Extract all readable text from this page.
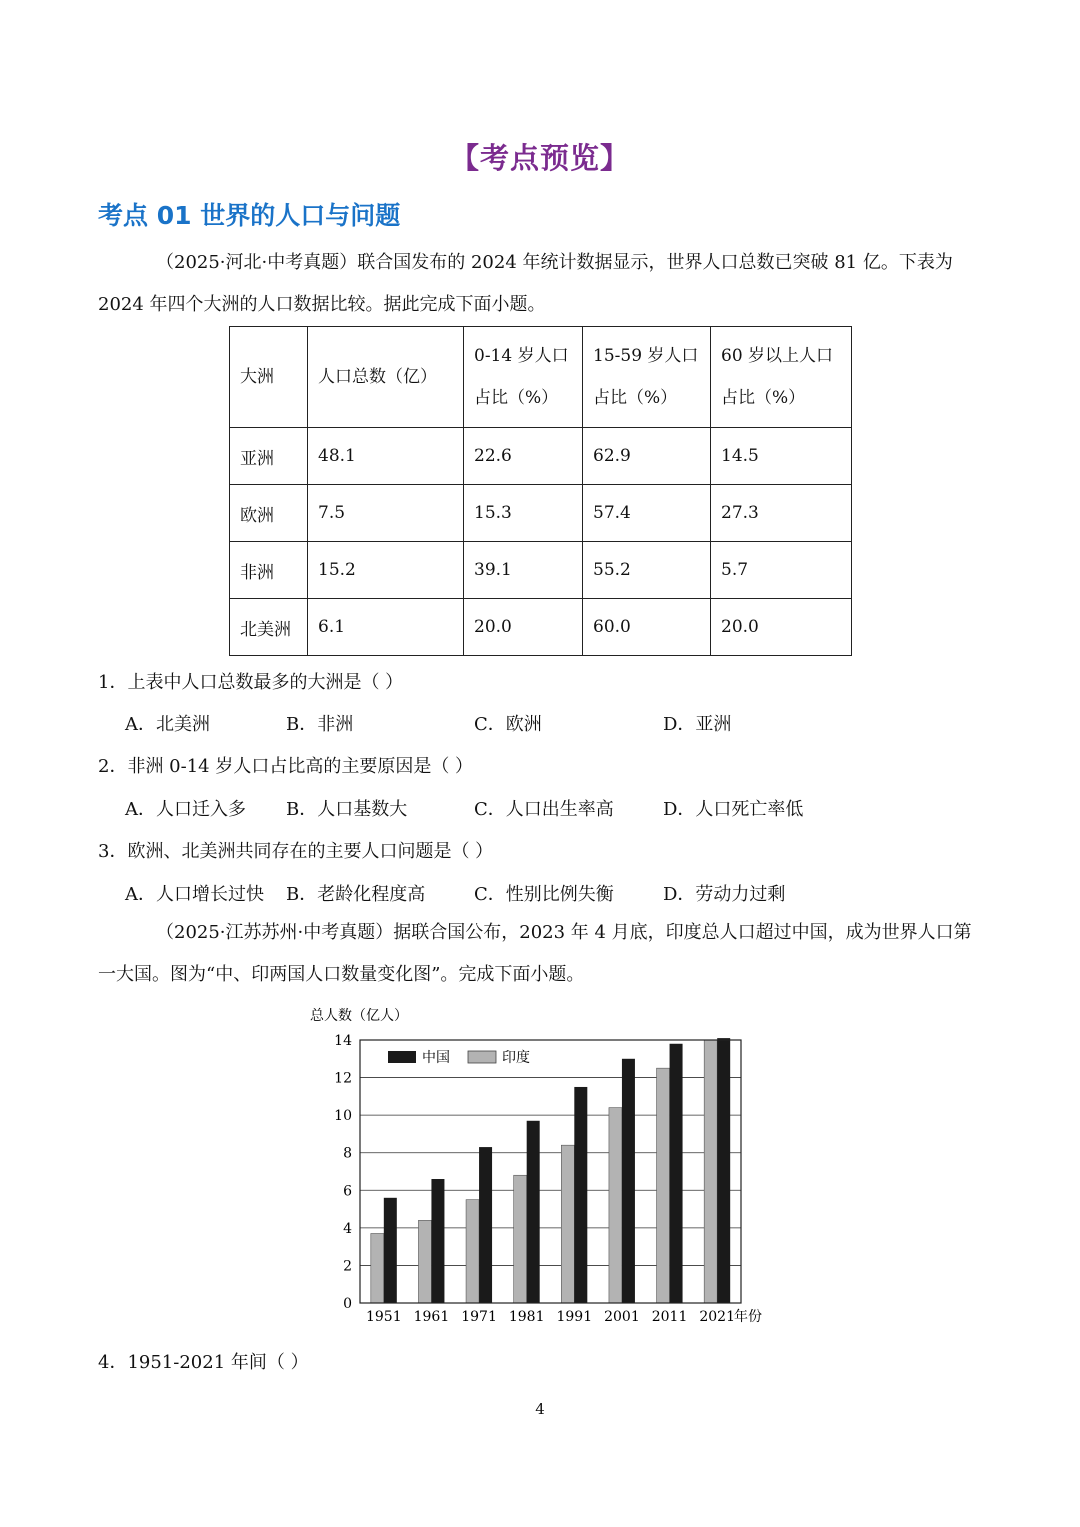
【考点预览】
考点 01 世界的人口与问题
（2025·河北·中考真题）联合国发布的 2024 年统计数据显示，世界人口总数已突破 81 亿。下表为 2024 年四个大洲的人口数据比较。据此完成下面小题。
大洲	人口总数（亿）	0-14 岁人口占比（%）	15-59 岁人口占比（%）	60 岁以上人口占比（%）
亚洲	48.1	22.6	62.9	14.5
欧洲	7.5	15.3	57.4	27.3
非洲	15.2	39.1	55.2	5.7
北美洲	6.1	20.0	60.0	20.0
1．上表中人口总数最多的大洲是（ ）
A．北美洲	B．非洲	C．欧洲	D．亚洲
2．非洲 0-14 岁人口占比高的主要原因是（ ）
A．人口迁入多 B．人口基数大	C．人口出生率高	D．人口死亡率低
3．欧洲、北美洲共同存在的主要人口问题是（ ）
A．人口增长过快 B．老龄化程度高	C．性别比例失衡	D．劳动力过剩
（2025·江苏苏州·中考真题）据联合国公布，2023 年 4 月底，印度总人口超过中国，成为世界人口第一大国。图为“中、印两国人口数量变化图”。完成下面小题。
总人数（亿人）
年份
0
2
4
6
8
10
12
14
1951 1961 1971 1981 1991 2001 2011 2021
中国	印度
4．1951-2021 年间（ ）
4
